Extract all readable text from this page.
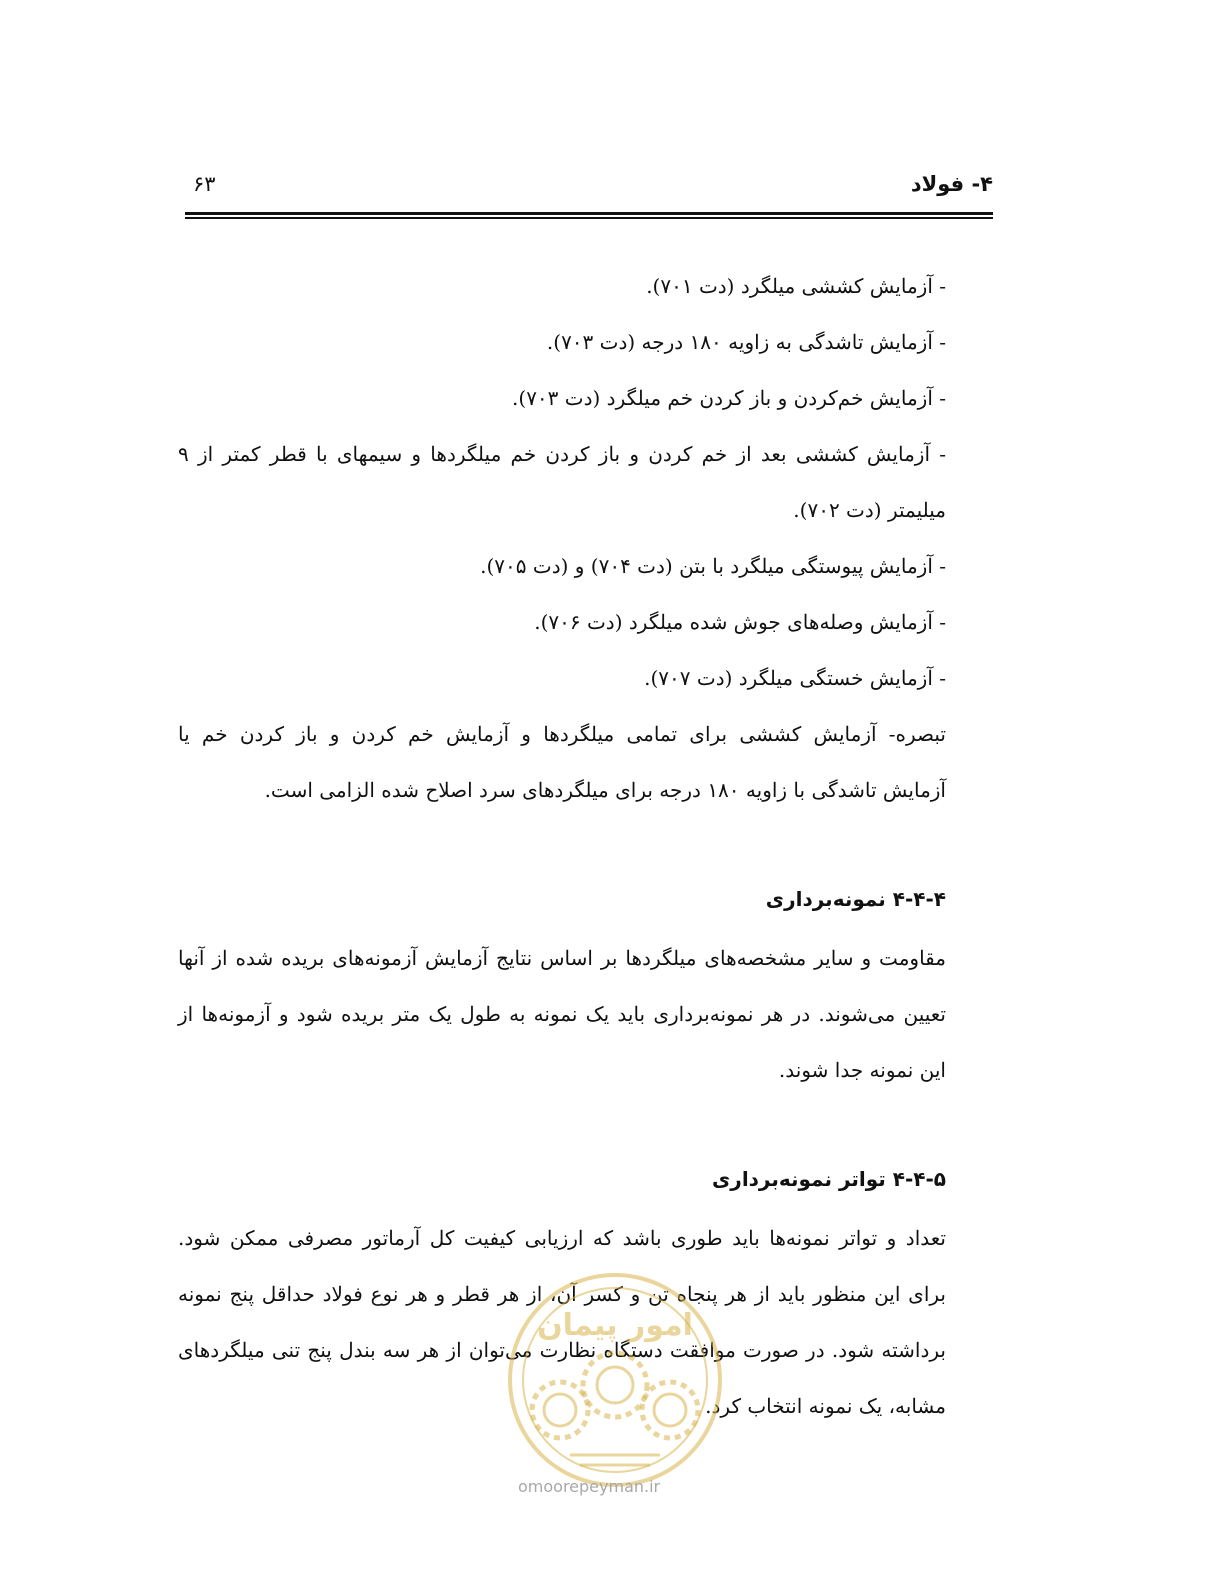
۴- فولاد
۶۳
- آزمایش کششی میلگرد (دت ۷۰۱).
- آزمایش تاشدگی به زاویه ۱۸۰ درجه (دت ۷۰۳).
- آزمایش خم‌کردن و باز کردن خم میلگرد (دت ۷۰۳).
- آزمایش کششی بعد از خم کردن و باز کردن خم میلگردها و سیمهای با قطر کمتر از ۹
میلیمتر (دت ۷۰۲).
- آزمایش پیوستگی میلگرد با بتن (دت ۷۰۴) و (دت ۷۰۵).
- آزمایش وصله‌های جوش شده میلگرد (دت ۷۰۶).
- آزمایش خستگی میلگرد (دت ۷۰۷).
تبصره- آزمایش کششی برای تمامی میلگردها و آزمایش خم کردن و باز کردن خم یا
آزمایش تاشدگی با زاویه ۱۸۰ درجه برای میلگردهای سرد اصلاح شده الزامی است.
۴-۴-۴ نمونه‌برداری
مقاومت و سایر مشخصه‌های میلگردها بر اساس نتایج آزمایش آزمونه‌های بریده شده از آنها
تعیین می‌شوند. در هر نمونه‌برداری باید یک نمونه به طول یک متر بریده شود و آزمونه‌ها از
این نمونه جدا شوند.
۴-۴-۵ تواتر نمونه‌برداری
تعداد و تواتر نمونه‌ها باید طوری باشد که ارزیابی کیفیت کل آرماتور مصرفی ممکن شود.
برای این منظور باید از هر پنجاه تن و کسر آن، از هر قطر و هر نوع فولاد حداقل پنج نمونه
برداشته شود. در صورت موافقت دستگاه نظارت می‌توان از هر سه بندل پنج تنی میلگردهای
مشابه، یک نمونه انتخاب کرد.
امور پیمان
omoorepeyman.ir
